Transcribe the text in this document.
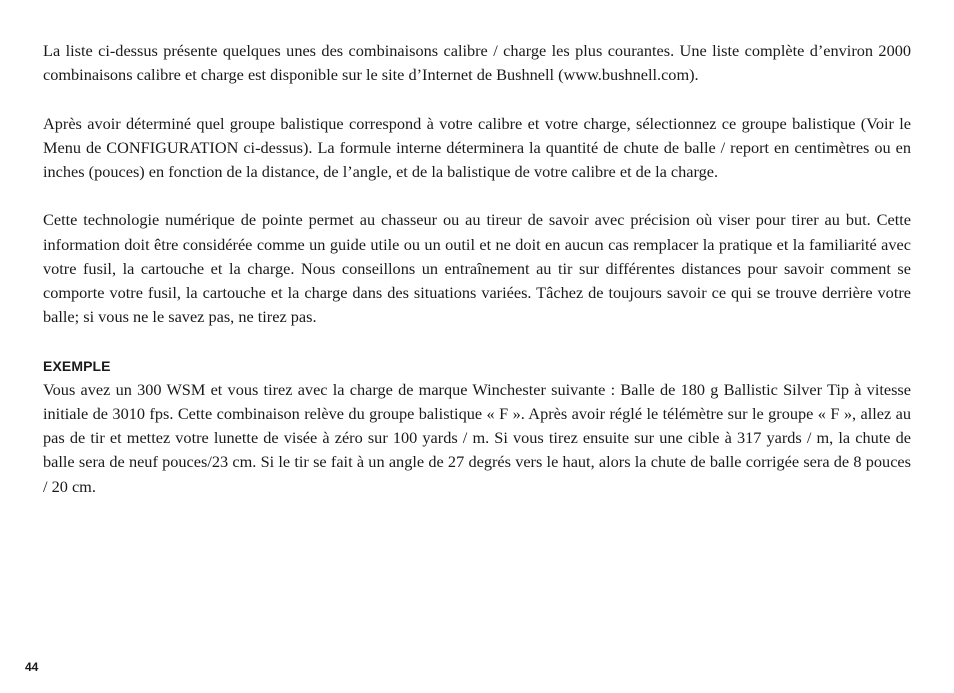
La liste ci-dessus présente quelques unes des combinaisons calibre / charge les plus courantes. Une liste complète d’environ 2000 combinaisons calibre et charge est disponible sur le site d’Internet de Bushnell (www.bushnell.com).

Après avoir déterminé quel groupe balistique correspond à votre calibre et votre charge, sélectionnez ce groupe balistique (Voir le Menu de CONFIGURATION ci-dessus). La formule interne déterminera la quantité de chute de balle / report en centimètres ou en inches (pouces) en fonction de la distance, de l’angle, et de la balistique de votre calibre et de la charge.

Cette technologie numérique de pointe permet au chasseur ou au tireur de savoir avec précision où viser pour tirer au but. Cette information doit être considérée comme un guide utile ou un outil et ne doit en aucun cas remplacer la pratique et la familiarité avec votre fusil, la cartouche et la charge. Nous conseillons un entraînement au tir sur différentes distances pour savoir comment se comporte votre fusil, la cartouche et la charge dans des situations variées. Tâchez de toujours savoir ce qui se trouve derrière votre balle; si vous ne le savez pas, ne tirez pas.

EXEMPLE

Vous avez un 300 WSM et vous tirez avec la charge de marque Winchester suivante : Balle de 180 g Ballistic Silver Tip à vitesse initiale de 3010 fps. Cette combinaison relève du groupe balistique « F ». Après avoir réglé le télémètre sur le groupe « F », allez au pas de tir et mettez votre lunette de visée à zéro sur 100 yards / m. Si vous tirez ensuite sur une cible à 317 yards / m, la chute de balle sera de neuf pouces/23 cm. Si le tir se fait à un angle de 27 degrés vers le haut, alors la chute de balle corrigée sera de 8 pouces / 20 cm.

44
